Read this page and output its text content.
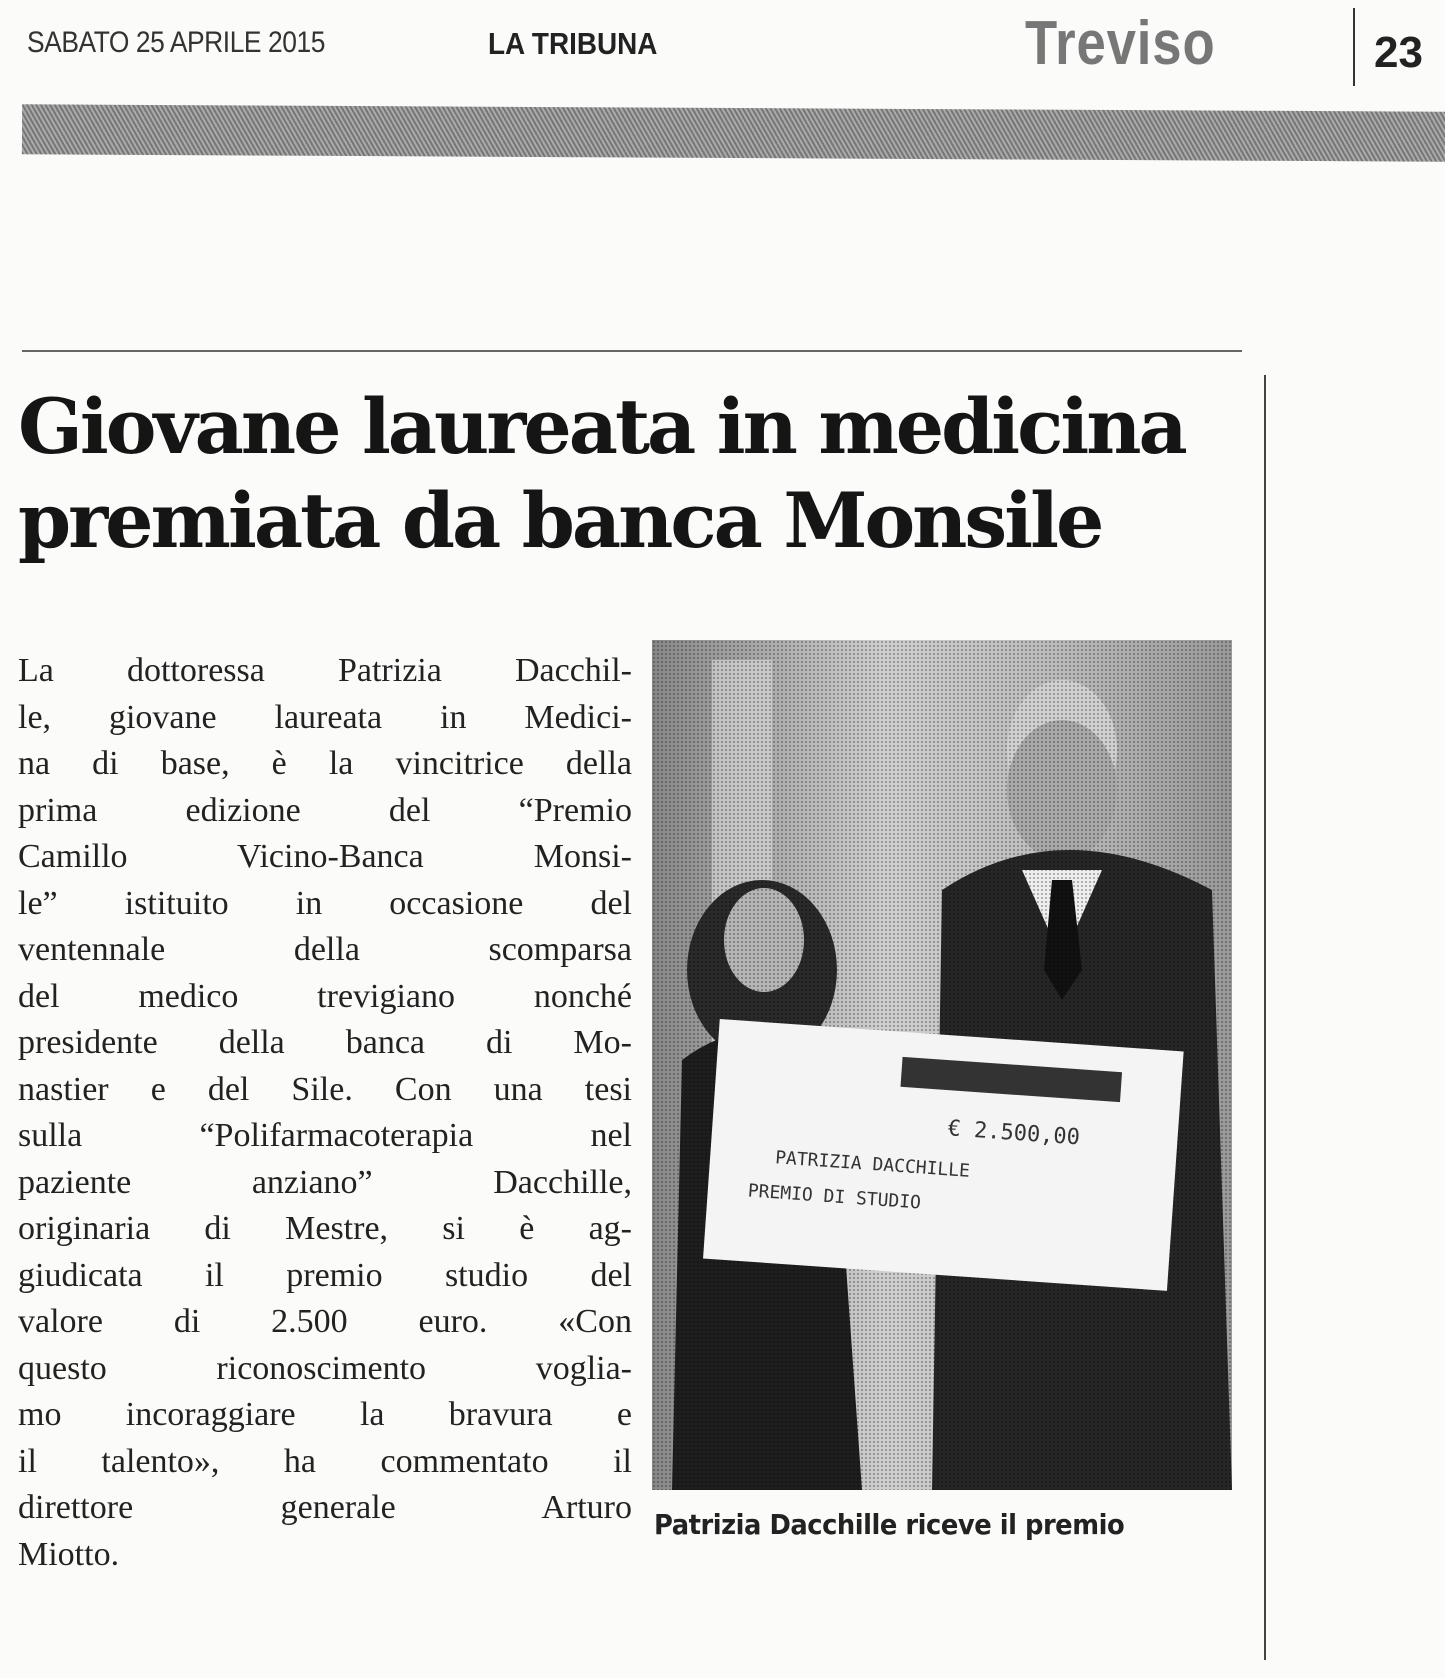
SABATO 25 APRILE 2015	LA TRIBUNA	Treviso	23
Giovane laureata in medicina
premiata da banca Monsile
La dottoressa Patrizia Dacchil-
le, giovane laureata in Medici-
na di base, è la vincitrice della
prima edizione del “Premio
Camillo Vicino-Banca Monsi-
le” istituito in occasione del
ventennale della scomparsa
del medico trevigiano nonché
presidente della banca di Mo-
nastier e del Sile. Con una tesi
sulla “Polifarmacoterapia nel
paziente anziano” Dacchille,
originaria di Mestre, si è ag-
giudicata il premio studio del
valore di 2.500 euro. «Con
questo riconoscimento voglia-
mo incoraggiare la bravura e
il talento», ha commentato il
direttore generale Arturo
Miotto.
€ 2.500,00
PATRIZIA DACCHILLE
PREMIO DI STUDIO
Patrizia Dacchille riceve il premio
